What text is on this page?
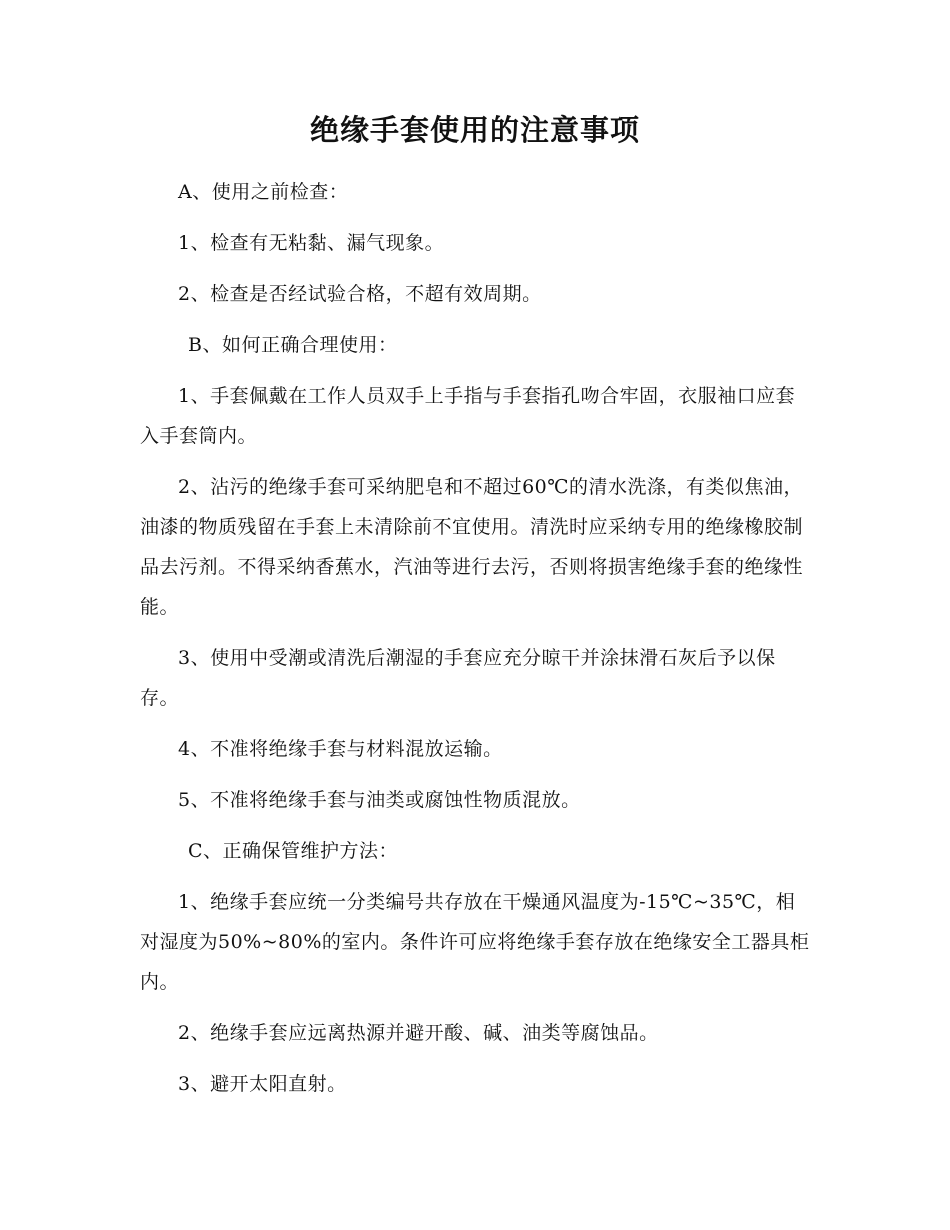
绝缘手套使用的注意事项

A、使用之前检查：

1、检查有无粘黏、漏气现象。

2、检查是否经试验合格，不超有效周期。

B、如何正确合理使用：

1、手套佩戴在工作人员双手上手指与手套指孔吻合牢固，衣服袖口应套入手套筒内。

2、沾污的绝缘手套可采纳肥皂和不超过60℃的清水洗涤，有类似焦油，油漆的物质残留在手套上未清除前不宜使用。清洗时应采纳专用的绝缘橡胶制品去污剂。不得采纳香蕉水，汽油等进行去污，否则将损害绝缘手套的绝缘性能。

3、使用中受潮或清洗后潮湿的手套应充分晾干并涂抹滑石灰后予以保存。

4、不准将绝缘手套与材料混放运输。

5、不准将绝缘手套与油类或腐蚀性物质混放。

C、正确保管维护方法：

1、绝缘手套应统一分类编号共存放在干燥通风温度为-15℃~35℃，相对湿度为50%~80%的室内。条件许可应将绝缘手套存放在绝缘安全工器具柜内。

2、绝缘手套应远离热源并避开酸、碱、油类等腐蚀品。

3、避开太阳直射。
